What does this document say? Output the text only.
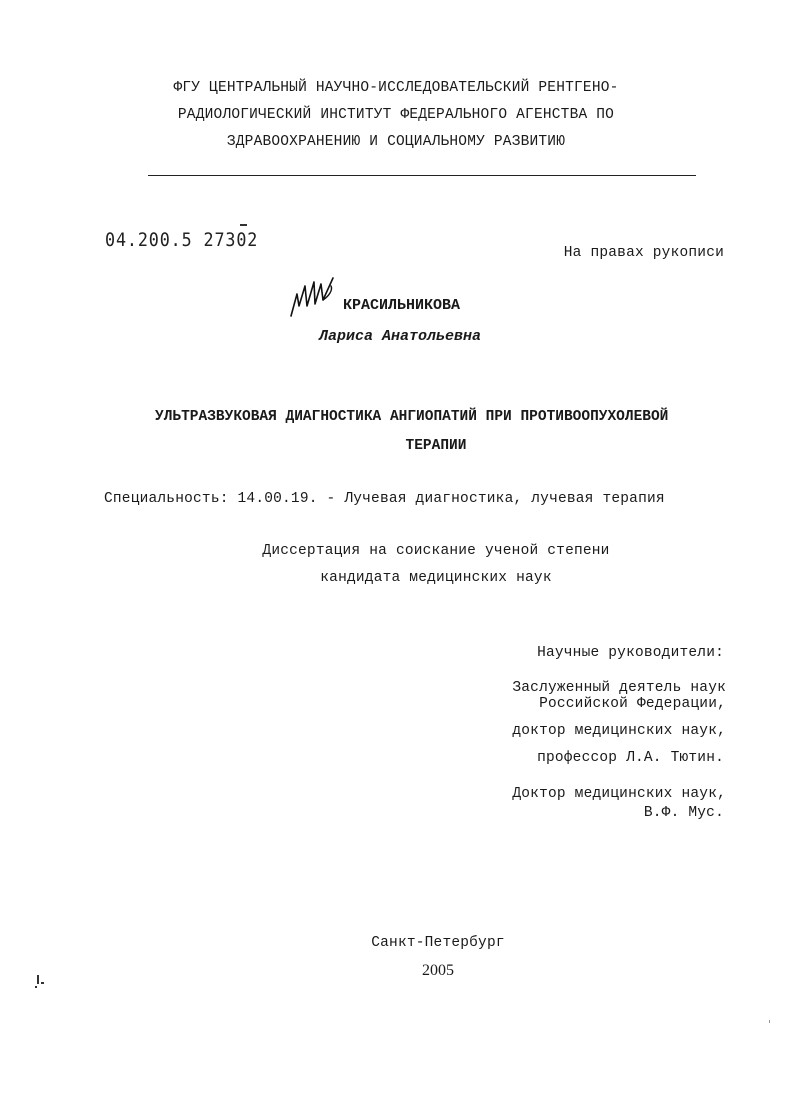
ФГУ ЦЕНТРАЛЬНЫЙ НАУЧНО-ИССЛЕДОВАТЕЛЬСКИЙ РЕНТГЕНО-
РАДИОЛОГИЧЕСКИЙ ИНСТИТУТ ФЕДЕРАЛЬНОГО АГЕНСТВА ПО
ЗДРАВООХРАНЕНИЮ И СОЦИАЛЬНОМУ РАЗВИТИЮ
04.200.5 27302
На правах рукописи
КРАСИЛЬНИКОВА
Лариса Анатольевна
УЛЬТРАЗВУКОВАЯ ДИАГНОСТИКА АНГИОПАТИЙ ПРИ ПРОТИВООПУХОЛЕВОЙ
ТЕРАПИИ
Специальность: 14.00.19. - Лучевая диагностика, лучевая терапия
Диссертация на соискание ученой степени
кандидата медицинских наук
Научные руководители:
Заслуженный деятель наук
Российской Федерации,
доктор медицинских наук,
профессор Л.А. Тютин.
Доктор медицинских наук,
В.Ф. Мус.
Санкт-Петербург
2005
